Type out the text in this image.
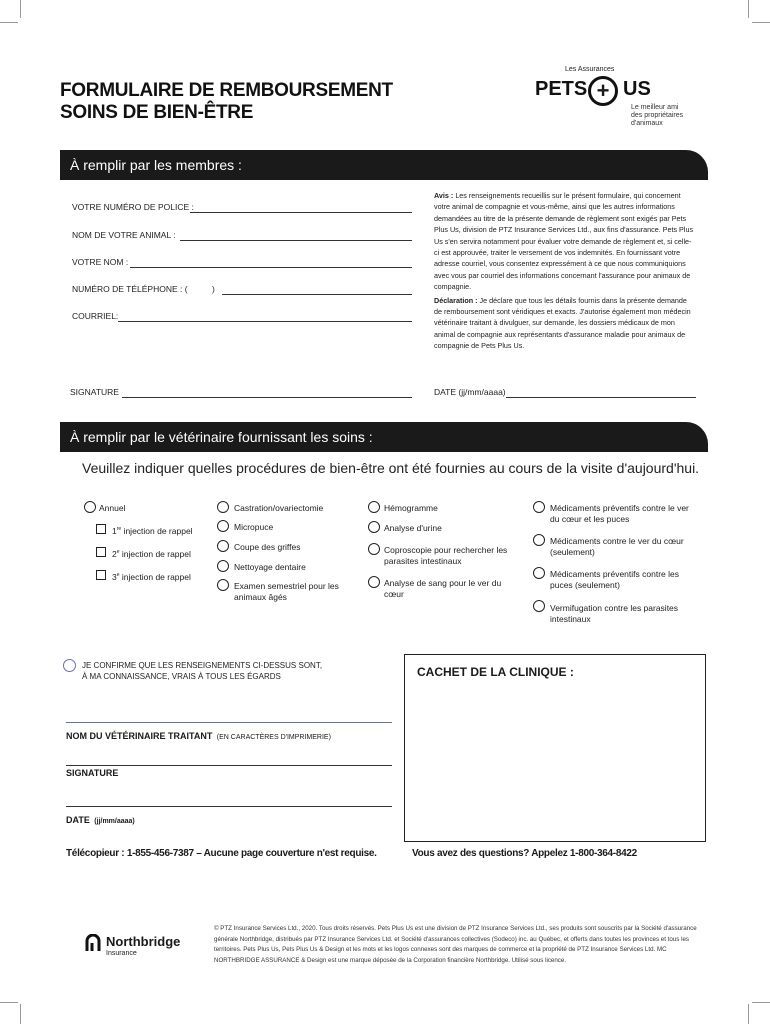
FORMULAIRE DE REMBOURSEMENT
SOINS DE BIEN-ÊTRE
Les Assurances
PETS + US
Le meilleur ami des propriétaires d'animaux
À remplir par les membres :
VOTRE NUMÉRO DE POLICE :
NOM DE VOTRE ANIMAL :
VOTRE NOM :
NUMÉRO DE TÉLÉPHONE : (	)
COURRIEL:
Avis : Les renseignements recueillis sur le présent formulaire, qui concernent votre animal de compagnie et vous-même, ainsi que les autres informations demandées au titre de la présente demande de règlement sont exigés par Pets Plus Us, division de PTZ Insurance Services Ltd., aux fins d'assurance. Pets Plus Us s'en servira notamment pour évaluer votre demande de règlement et, si celle-ci est approuvée, traiter le versement de vos indemnités. En fournissant votre adresse courriel, vous consentez expressément à ce que nous communiquions avec vous par courriel des informations concernant l'assurance pour animaux de compagnie.
Déclaration : Je déclare que tous les détails fournis dans la présente demande de remboursement sont véridiques et exacts. J'autorise également mon médecin vétérinaire traitant à divulguer, sur demande, les dossiers médicaux de mon animal de compagnie aux représentants d'assurance maladie pour animaux de compagnie de Pets Plus Us.
SIGNATURE	DATE (jj/mm/aaaa)
À remplir par le vétérinaire fournissant les soins :
Veuillez indiquer quelles procédures de bien-être ont été fournies au cours de la visite d'aujourd'hui.
Annuel
1re injection de rappel
2e injection de rappel
3e injection de rappel
Castration/ovariectomie
Micropuce
Coupe des griffes
Nettoyage dentaire
Examen semestriel pour les animaux âgés
Hémogramme
Analyse d'urine
Coproscopie pour rechercher les parasites intestinaux
Analyse de sang pour le ver du cœur
Médicaments préventifs contre le ver du cœur et les puces
Médicaments contre le ver du cœur (seulement)
Médicaments préventifs contre les puces (seulement)
Vermifugation contre les parasites intestinaux
JE CONFIRME QUE LES RENSEIGNEMENTS CI-DESSUS SONT,
À MA CONNAISSANCE, VRAIS À TOUS LES ÉGARDS	CACHET DE LA CLINIQUE :
NOM DU VÉTÉRINAIRE TRAITANT (EN CARACTÈRES D'IMPRIMERIE)
SIGNATURE
DATE (jj/mm/aaaa)
Télécopieur : 1-855-456-7387 – Aucune page couverture n'est requise.	Vous avez des questions? Appelez 1-800-364-8422
Northbridge
Insurance
© PTZ Insurance Services Ltd., 2020. Tous droits réservés. Pets Plus Us est une division de PTZ Insurance Services Ltd., ses produits sont souscrits par la Société d'assurance générale Northbridge, distribués par PTZ Insurance Services Ltd. et Société d'assurances collectives (Sodeco) inc. au Québec, et offerts dans toutes les provinces et tous les territoires. Pets Plus Us, Pets Plus Us & Design et les mots et les logos connexes sont des marques de commerce et la propriété de PTZ Insurance Services Ltd. MC NORTHBRIDGE ASSURANCE & Design est une marque déposée de la Corporation financière Northbridge. Utilisé sous licence.
